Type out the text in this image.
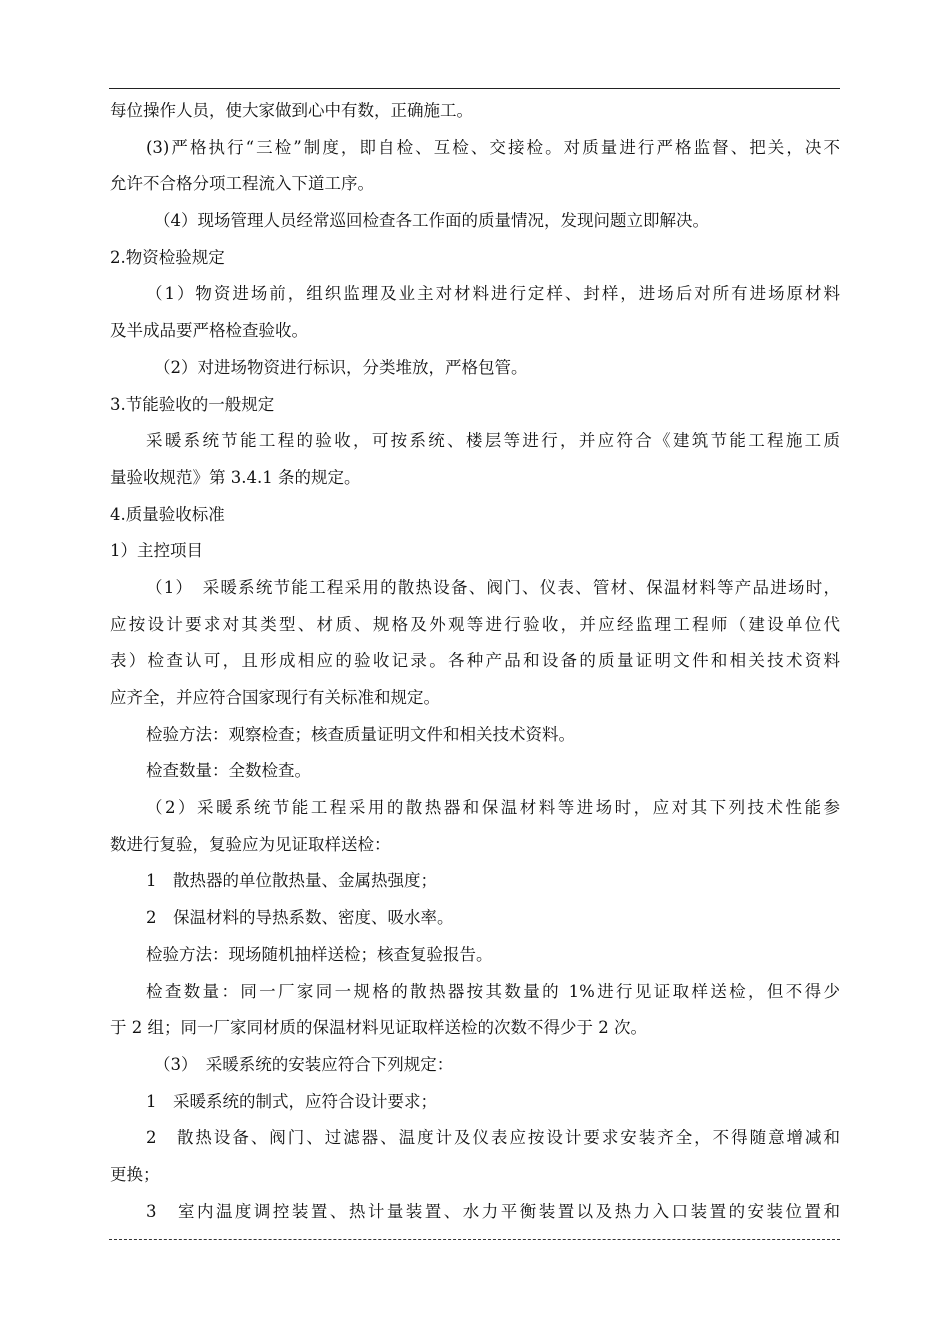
每位操作人员，使大家做到心中有数，正确施工。
(3)严格执行“三检”制度，即自检、互检、交接检。对质量进行严格监督、把关，决不
允许不合格分项工程流入下道工序。
（4）现场管理人员经常巡回检查各工作面的质量情况，发现问题立即解决。
2.物资检验规定
（1）物资进场前，组织监理及业主对材料进行定样、封样，进场后对所有进场原材料
及半成品要严格检查验收。
（2）对进场物资进行标识，分类堆放，严格包管。
3.节能验收的一般规定
采暖系统节能工程的验收，可按系统、楼层等进行，并应符合《建筑节能工程施工质
量验收规范》第 3.4.1 条的规定。
4.质量验收标准
1）主控项目
（1）　采暖系统节能工程采用的散热设备、阀门、仪表、管材、保温材料等产品进场时，
应按设计要求对其类型、材质、规格及外观等进行验收，并应经监理工程师（建设单位代
表）检查认可，且形成相应的验收记录。各种产品和设备的质量证明文件和相关技术资料
应齐全，并应符合国家现行有关标准和规定。
检验方法：观察检查；核查质量证明文件和相关技术资料。
检查数量：全数检查。
（2）采暖系统节能工程采用的散热器和保温材料等进场时，应对其下列技术性能参
数进行复验，复验应为见证取样送检：
1　散热器的单位散热量、金属热强度；
2　保温材料的导热系数、密度、吸水率。
检验方法：现场随机抽样送检；核查复验报告。
检查数量：同一厂家同一规格的散热器按其数量的 1%进行见证取样送检，但不得少
于 2 组；同一厂家同材质的保温材料见证取样送检的次数不得少于 2 次。
（3）　采暖系统的安装应符合下列规定：
1　采暖系统的制式，应符合设计要求；
2　散热设备、阀门、过滤器、温度计及仪表应按设计要求安装齐全，不得随意增减和
更换；
3　室内温度调控装置、热计量装置、水力平衡装置以及热力入口装置的安装位置和
